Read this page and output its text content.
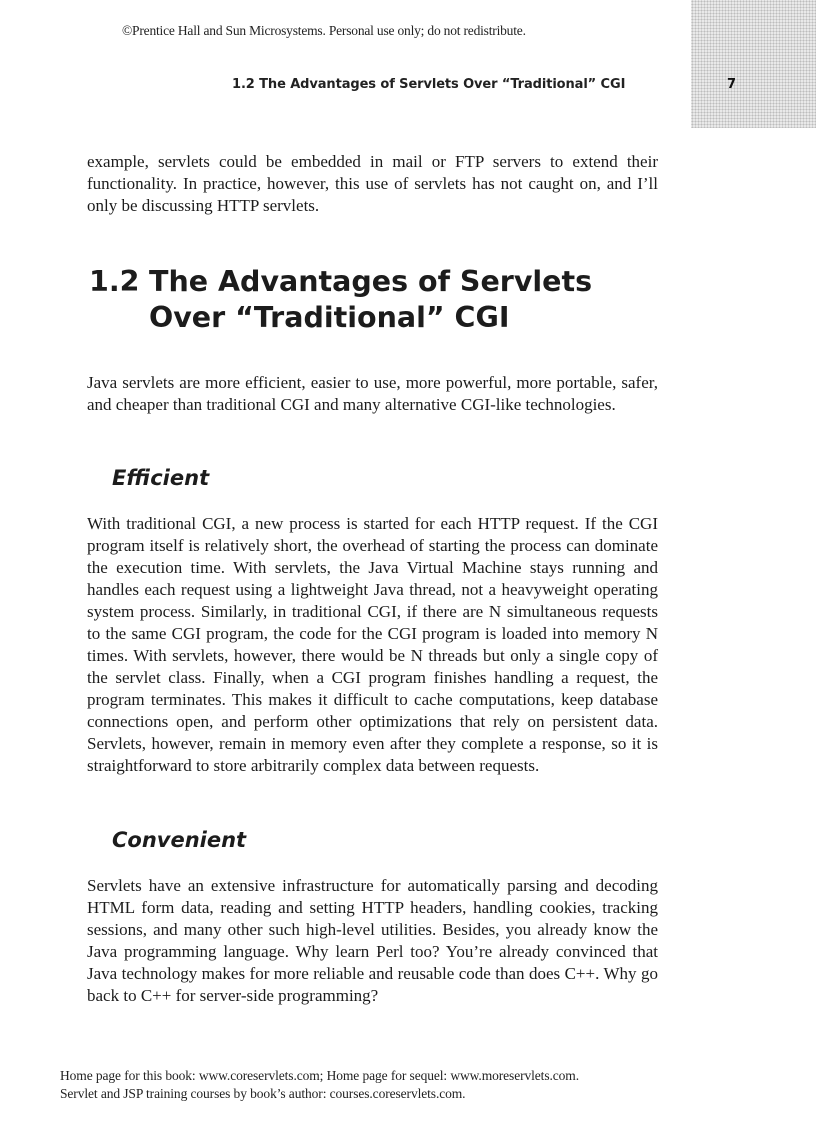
©Prentice Hall and Sun Microsystems. Personal use only; do not redistribute.
1.2 The Advantages of Servlets Over “Traditional” CGI	7

example, servlets could be embedded in mail or FTP servers to extend their functionality. In practice, however, this use of servlets has not caught on, and I’ll only be discussing HTTP servlets.

1.2 The Advantages of Servlets
Over “Traditional” CGI

Java servlets are more efficient, easier to use, more powerful, more portable, safer, and cheaper than traditional CGI and many alternative CGI-like technologies.

Efficient

With traditional CGI, a new process is started for each HTTP request. If the CGI program itself is relatively short, the overhead of starting the process can dominate the execution time. With servlets, the Java Virtual Machine stays running and handles each request using a lightweight Java thread, not a heavyweight operating system process. Similarly, in traditional CGI, if there are N simultaneous requests to the same CGI program, the code for the CGI program is loaded into memory N times. With servlets, however, there would be N threads but only a single copy of the servlet class. Finally, when a CGI program finishes handling a request, the program terminates. This makes it difficult to cache computations, keep database connections open, and perform other optimizations that rely on persistent data. Servlets, however, remain in memory even after they complete a response, so it is straightforward to store arbitrarily complex data between requests.

Convenient

Servlets have an extensive infrastructure for automatically parsing and decoding HTML form data, reading and setting HTTP headers, handling cookies, tracking sessions, and many other such high-level utilities. Besides, you already know the Java programming language. Why learn Perl too? You’re already convinced that Java technology makes for more reliable and reusable code than does C++. Why go back to C++ for server-side programming?

Home page for this book: www.coreservlets.com; Home page for sequel: www.moreservlets.com.
Servlet and JSP training courses by book’s author: courses.coreservlets.com.
